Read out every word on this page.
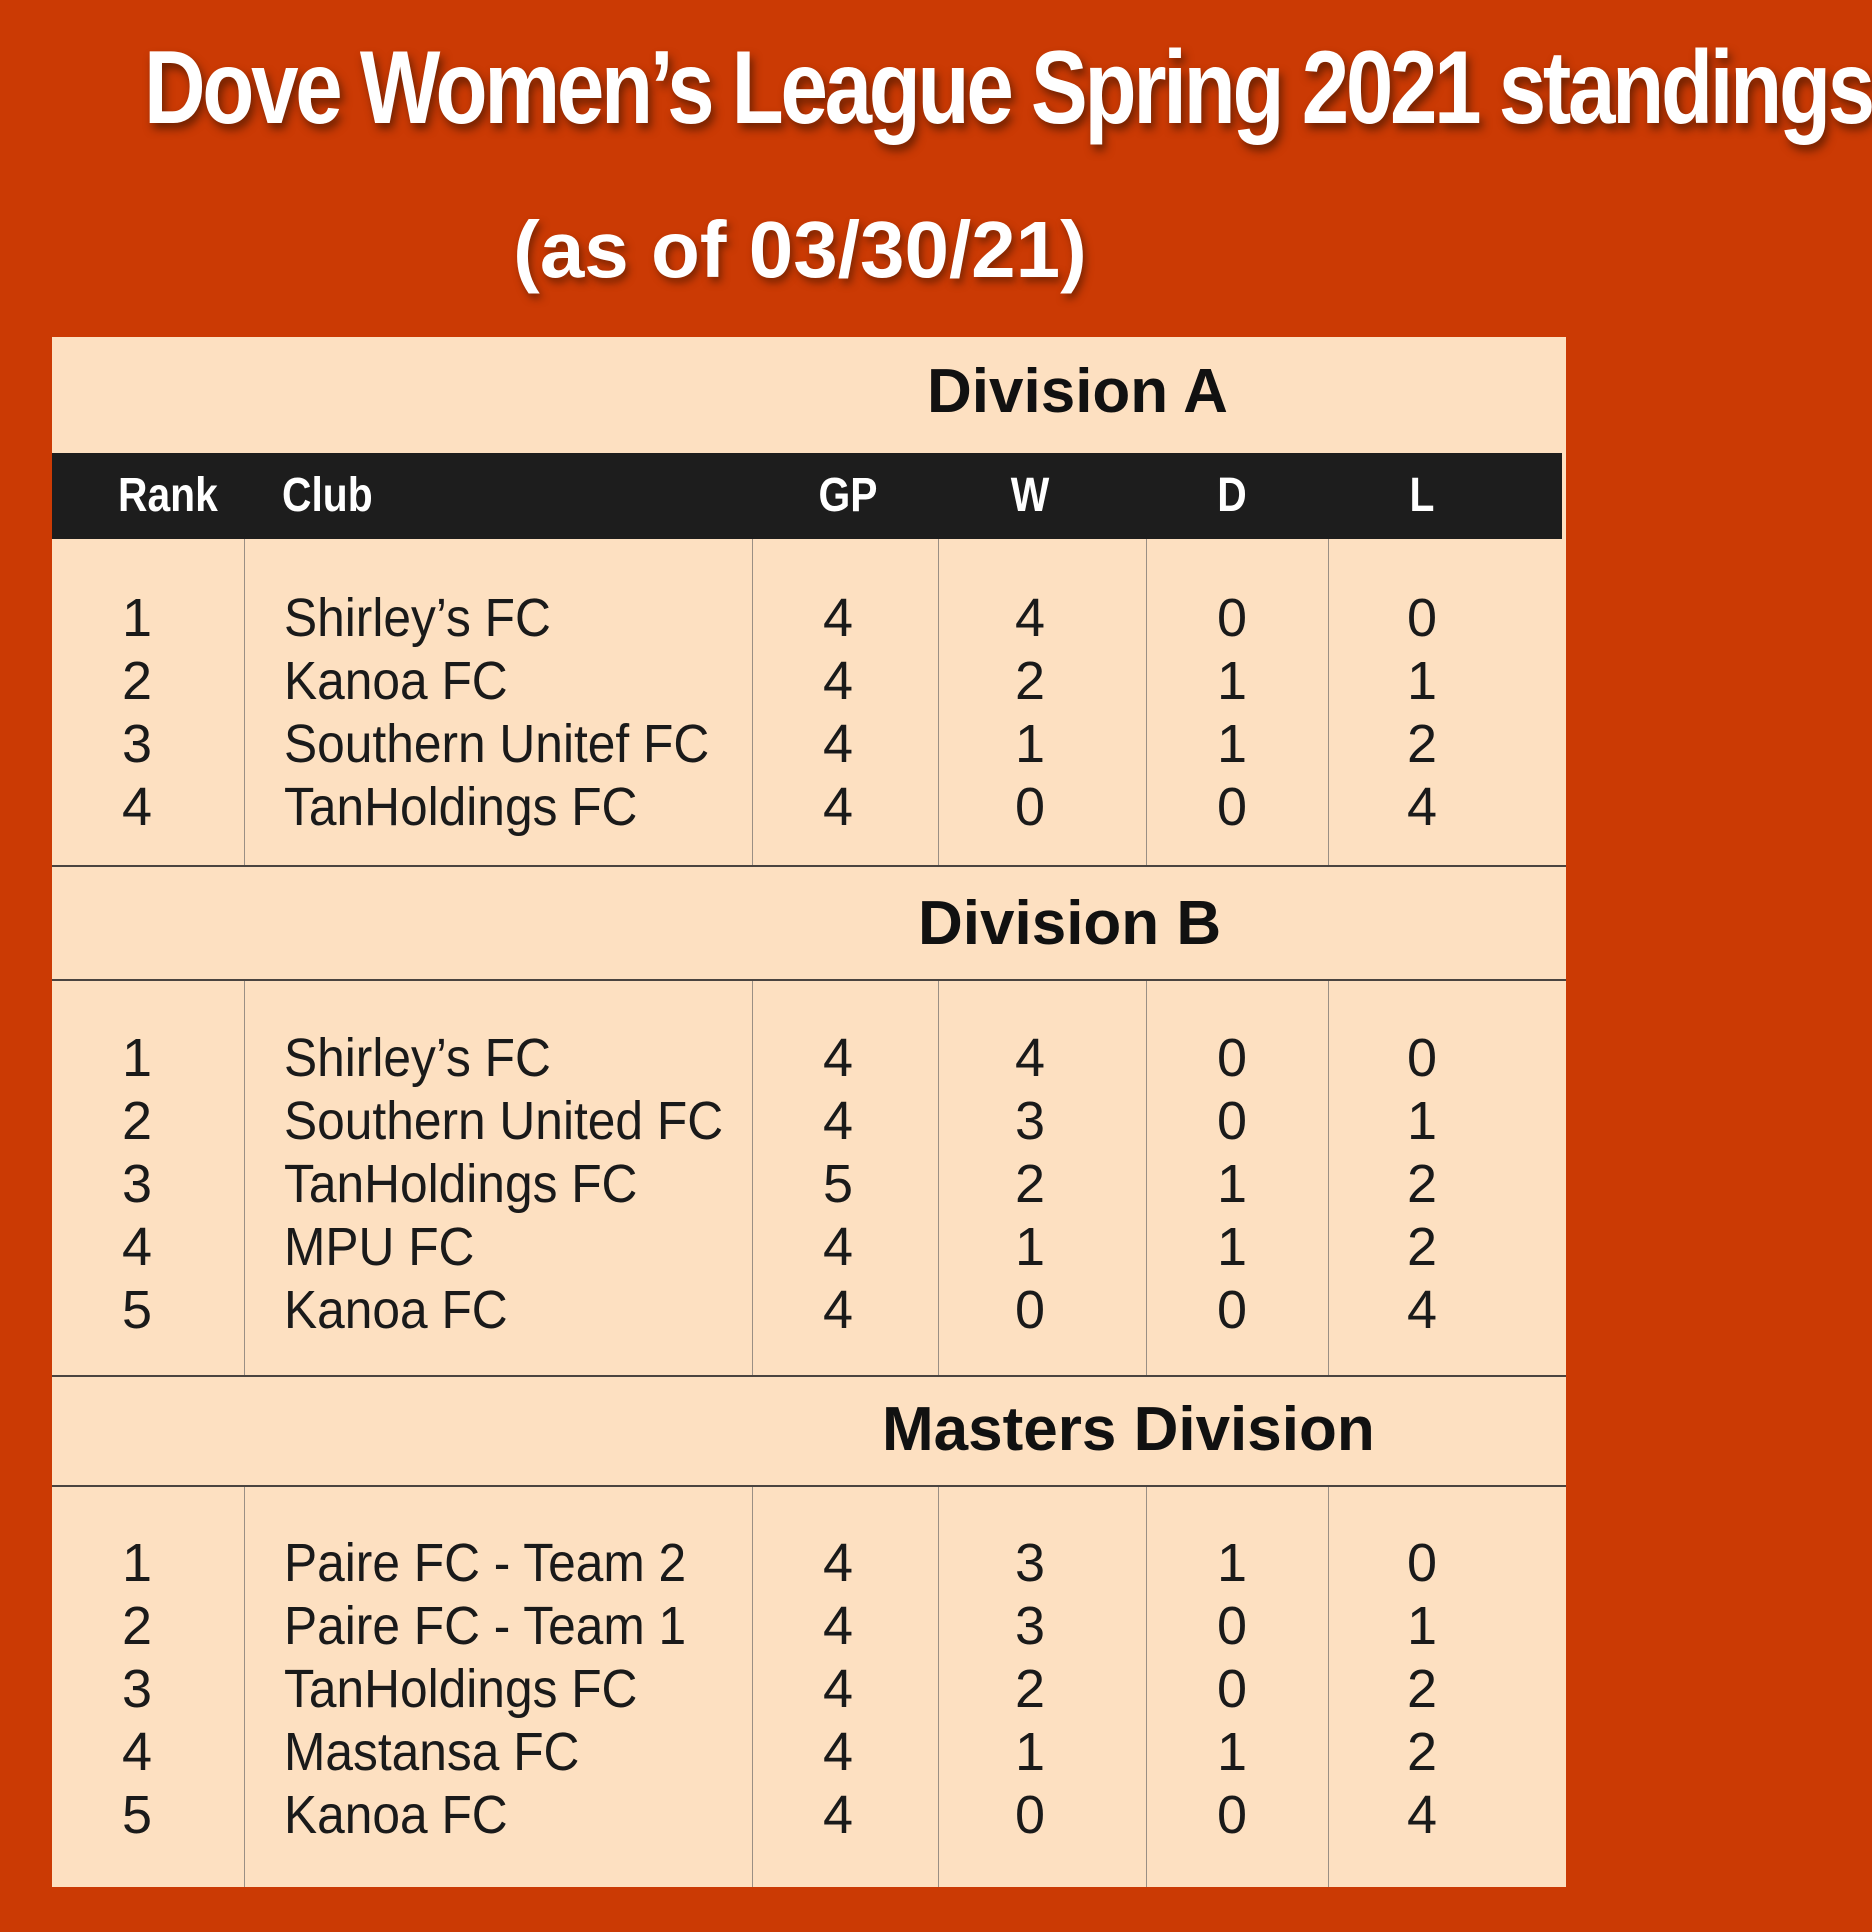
Dove Women’s League Spring 2021 standings
(as of 03/30/21)
Division A
Rank Club	GP	W	D	L
1 Shirley’s FC	4	4	0	0
2 Kanoa FC	4	2	1	1
3 Southern Unitef FC 4	1	1	2
4 TanHoldings FC	4	0	0	4
Division B
1 Shirley’s FC	4	4	0	0
2 Southern United FC 4	3	0	1
3 TanHoldings FC	5	2	1	2
4 MPU FC	4	1	1	2
5 Kanoa FC	4	0	0	4
Masters Division
1 Paire FC - Team 2	4	3	1	0
2 Paire FC - Team 1	4	3	0	1
3 TanHoldings FC	4	2	0	2
4 Mastansa FC	4	1	1	2
5 Kanoa FC	4	0	0	4
